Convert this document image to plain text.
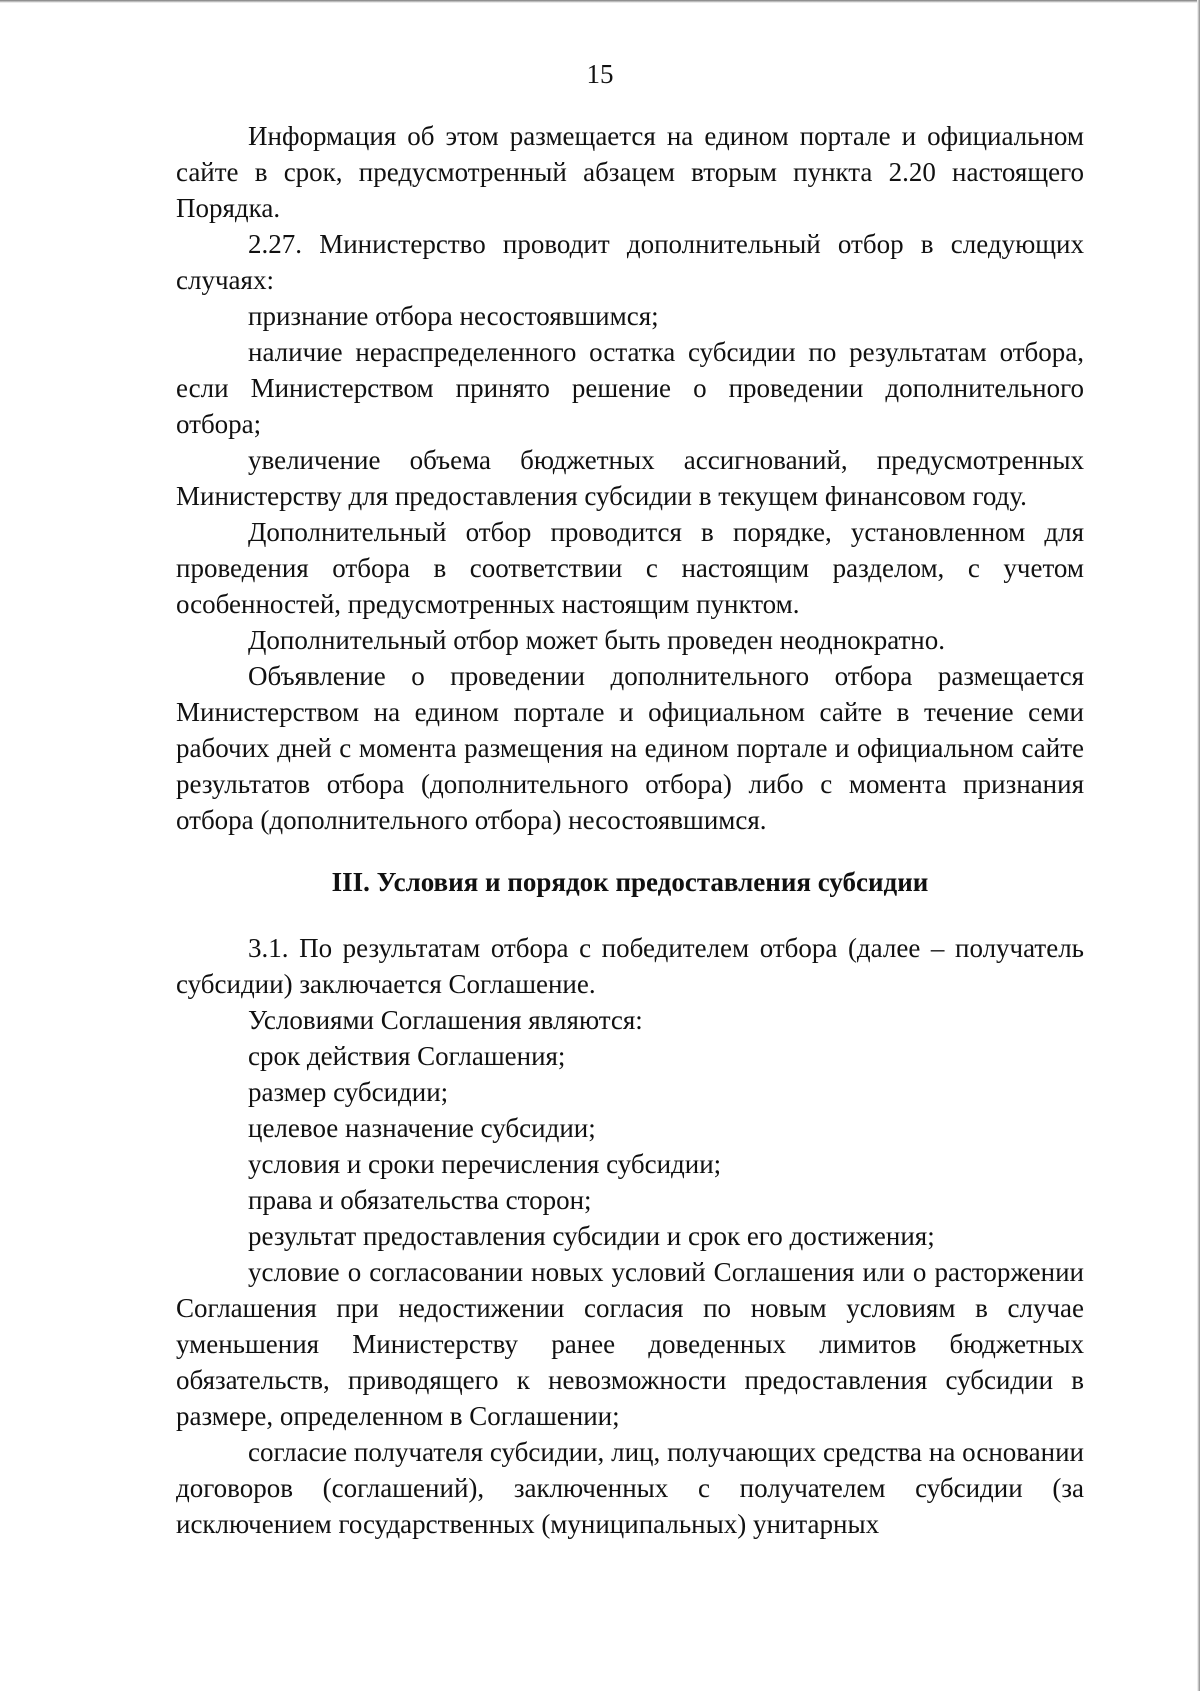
15

Информация об этом размещается на едином портале и официальном сайте в срок, предусмотренный абзацем вторым пункта 2.20 настоящего Порядка.

2.27. Министерство проводит дополнительный отбор в следующих случаях:

признание отбора несостоявшимся;

наличие нераспределенного остатка субсидии по результатам отбора, если Министерством принято решение о проведении дополнительного отбора;

увеличение объема бюджетных ассигнований, предусмотренных Министерству для предоставления субсидии в текущем финансовом году.

Дополнительный отбор проводится в порядке, установленном для проведения отбора в соответствии с настоящим разделом, с учетом особенностей, предусмотренных настоящим пунктом.

Дополнительный отбор может быть проведен неоднократно.

Объявление о проведении дополнительного отбора размещается Министерством на едином портале и официальном сайте в течение семи рабочих дней с момента размещения на едином портале и официальном сайте результатов отбора (дополнительного отбора) либо с момента признания отбора (дополнительного отбора) несостоявшимся.

III. Условия и порядок предоставления субсидии

3.1. По результатам отбора с победителем отбора (далее – получатель субсидии) заключается Соглашение.

Условиями Соглашения являются:

срок действия Соглашения;

размер субсидии;

целевое назначение субсидии;

условия и сроки перечисления субсидии;

права и обязательства сторон;

результат предоставления субсидии и срок его достижения;

условие о согласовании новых условий Соглашения или о расторжении Соглашения при недостижении согласия по новым условиям в случае уменьшения Министерству ранее доведенных лимитов бюджетных обязательств, приводящего к невозможности предоставления субсидии в размере, определенном в Соглашении;

согласие получателя субсидии, лиц, получающих средства на основании договоров (соглашений), заключенных с получателем субсидии (за исключением государственных (муниципальных) унитарных
